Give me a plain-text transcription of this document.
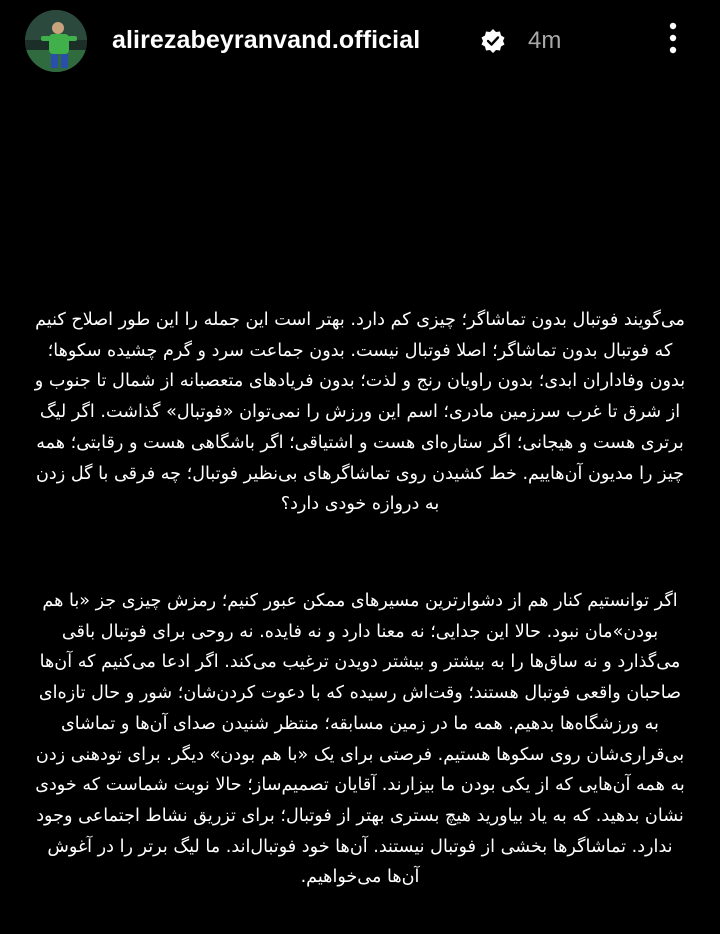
alirezabeyranvand.official	4m

می‌گویند فوتبال بدون تماشاگر؛ چیزی کم دارد. بهتر است این جمله را این طور اصلاح کنیم که فوتبال بدون تماشاگر؛ اصلا فوتبال نیست. بدون جماعت سرد و گرم چشیده سکوها؛ بدون وفاداران ابدی؛ بدون راویان رنج و لذت؛ بدون فریادهای متعصبانه از شمال تا جنوب و از شرق تا غرب سرزمین مادری؛ اسم این ورزش را نمی‌توان «فوتبال» گذاشت. اگر لیگ برتری هست و هیجانی؛ اگر ستاره‌ای هست و اشتیاقی؛ اگر باشگاهی هست و رقابتی؛ همه چیز را مدیون آن‌هاییم. خط کشیدن روی تماشاگرهای بی‌نظیر فوتبال؛ چه فرقی با گل زدن به دروازه خودی دارد؟

اگر توانستیم کنار هم از دشوارترین مسیرهای ممکن عبور کنیم؛ رمزش چیزی جز «با هم بودن»مان نبود. حالا این جدایی؛ نه معنا دارد و نه فایده. نه روحی برای فوتبال باقی می‌گذارد و نه ساق‌ها را به بیشتر و بیشتر دویدن ترغیب می‌کند. اگر ادعا می‌کنیم که آن‌ها صاحبان واقعی فوتبال هستند؛ وقت‌اش رسیده که با دعوت کردن‌شان؛ شور و حال تازه‌ای به ورزشگاه‌ها بدهیم. همه ما در زمین مسابقه؛ منتظر شنیدن صدای آن‌ها و تماشای بی‌قراری‌شان روی سکوها هستیم. فرصتی برای یک «با هم بودن» دیگر. برای تودهنی زدن به همه آن‌هایی که از یکی بودن ما بیزارند. آقایان تصمیم‌ساز؛ حالا نوبت شماست که خودی نشان بدهید. که به یاد بیاورید هیچ بستری بهتر از فوتبال؛ برای تزریق نشاط اجتماعی وجود ندارد. تماشاگرها بخشی از فوتبال نیستند. آن‌ها خود فوتبال‌اند. ما لیگ برتر را در آغوش آن‌ها می‌خواهیم.
